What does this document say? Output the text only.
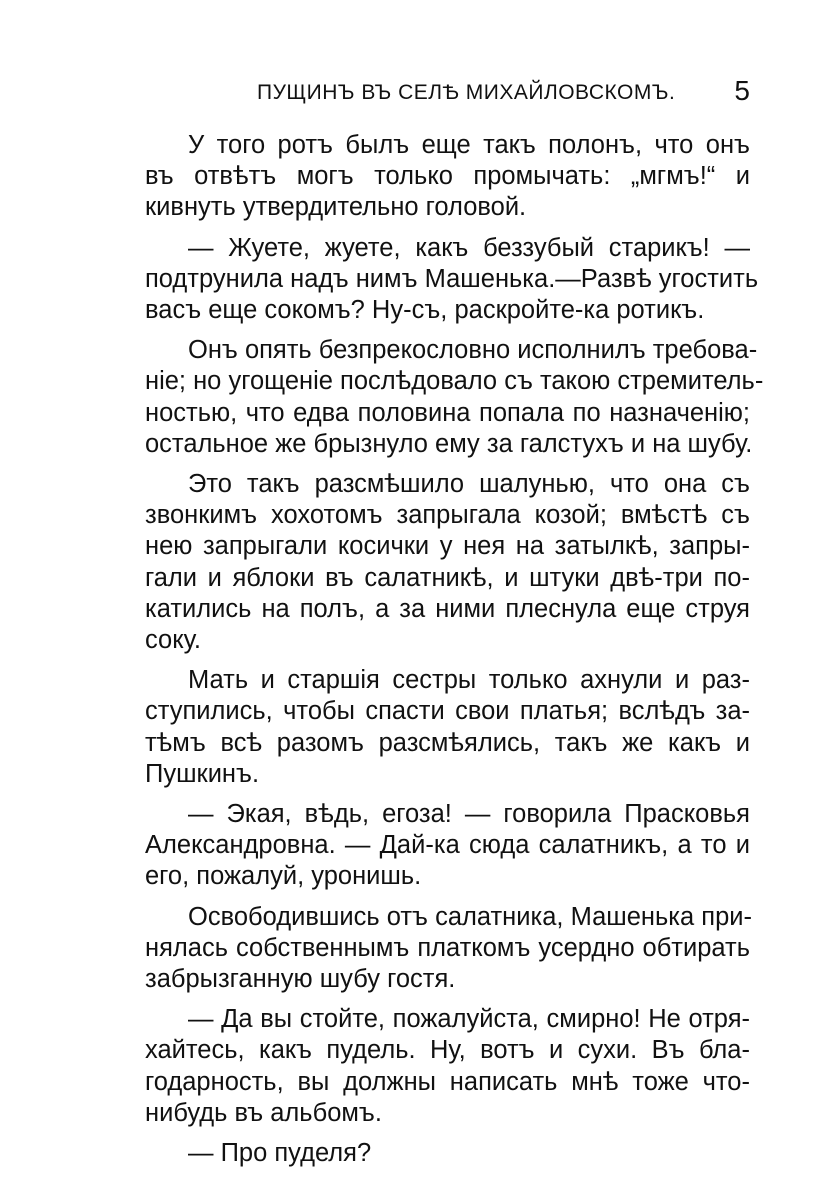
ПУЩИНЪ ВЪ СЕЛѢ МИХАЙЛОВСКОМЪ. 5

У того ротъ былъ еще такъ полонъ, что онъ
въ отвѣтъ могъ только промычать: „мгмъ!“ и
кивнуть утвердительно головой.

— Жуете, жуете, какъ беззубый старикъ! —
подтрунила надъ нимъ Машенька.—Развѣ угостить
васъ еще сокомъ? Ну-съ, раскройте-ка ротикъ.

Онъ опять безпрекословно исполнилъ требова-
ніе; но угощеніе послѣдовало съ такою стремитель-
ностью, что едва половина попала по назначенію;
остальное же брызнуло ему за галстухъ и на шубу.

Это такъ разсмѣшило шалунью, что она съ
звонкимъ хохотомъ запрыгала козой; вмѣстѣ съ
нею запрыгали косички у нея на затылкѣ, запры-
гали и яблоки въ салатникѣ, и штуки двѣ-три по-
катились на полъ, а за ними плеснула еще струя
соку.

Мать и старшія сестры только ахнули и раз-
ступились, чтобы спасти свои платья; вслѣдъ за-
тѣмъ всѣ разомъ разсмѣялись, такъ же какъ и
Пушкинъ.

— Экая, вѣдь, егоза! — говорила Прасковья
Александровна. — Дай-ка сюда салатникъ, а то и
его, пожалуй, уронишь.

Освободившись отъ салатника, Машенька при-
нялась собственнымъ платкомъ усердно обтирать
забрызганную шубу гостя.

— Да вы стойте, пожалуйста, смирно! Не отря-
хайтесь, какъ пудель. Ну, вотъ и сухи. Въ бла-
годарность, вы должны написать мнѣ тоже что-
нибудь въ альбомъ.

— Про пуделя?
